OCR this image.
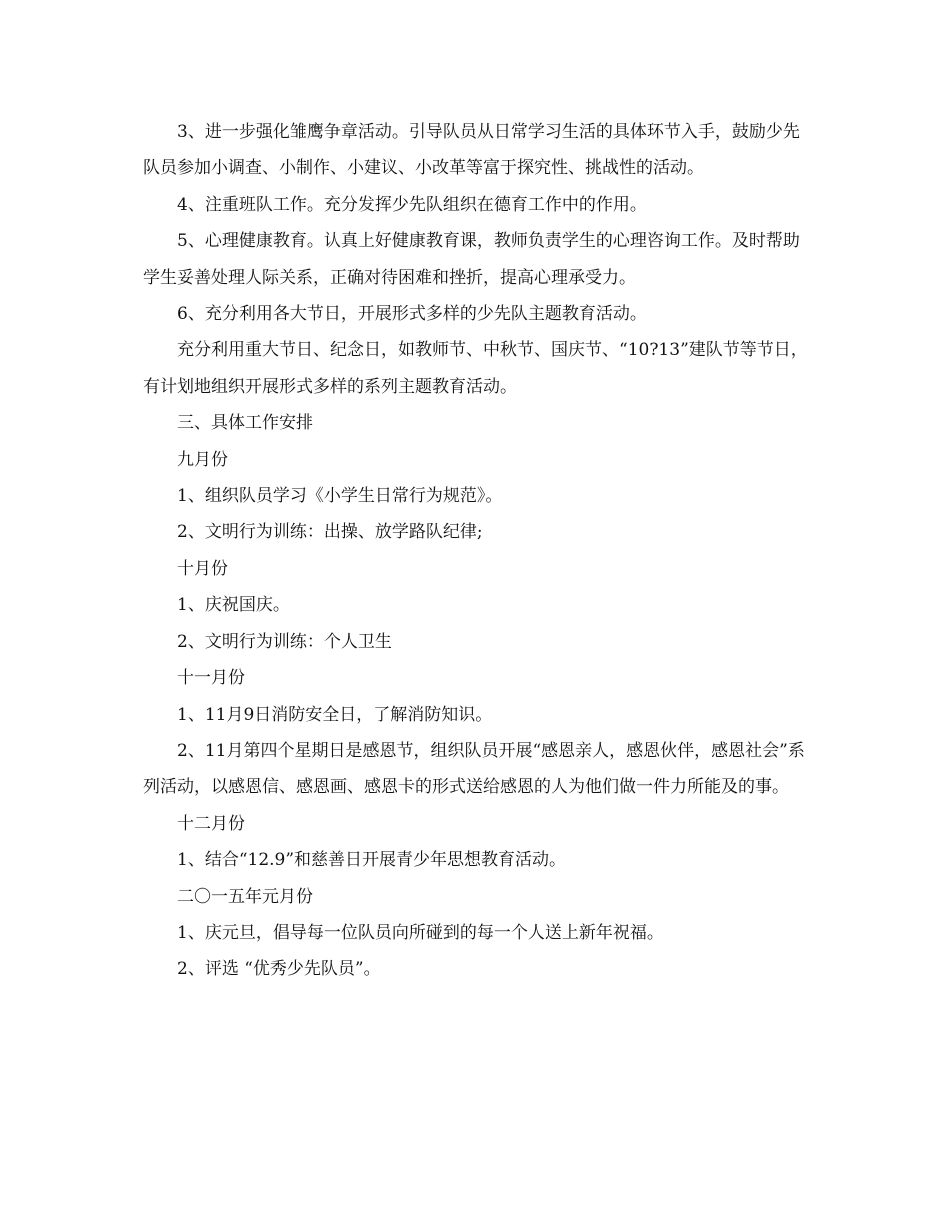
3、进一步强化雏鹰争章活动。引导队员从日常学习生活的具体环节入手，鼓励少先队员参加小调查、小制作、小建议、小改革等富于探究性、挑战性的活动。

4、注重班队工作。充分发挥少先队组织在德育工作中的作用。

5、心理健康教育。认真上好健康教育课，教师负责学生的心理咨询工作。及时帮助学生妥善处理人际关系，正确对待困难和挫折，提高心理承受力。

6、充分利用各大节日，开展形式多样的少先队主题教育活动。

充分利用重大节日、纪念日，如教师节、中秋节、国庆节、“10?13”建队节等节日，有计划地组织开展形式多样的系列主题教育活动。

三、具体工作安排

九月份

1、组织队员学习《小学生日常行为规范》。

2、文明行为训练：出操、放学路队纪律;

十月份

1、庆祝国庆。

2、文明行为训练：个人卫生

十一月份

1、11月9日消防安全日，了解消防知识。

2、11月第四个星期日是感恩节，组织队员开展“感恩亲人，感恩伙伴，感恩社会”系列活动，以感恩信、感恩画、感恩卡的形式送给感恩的人为他们做一件力所能及的事。

十二月份

1、结合“12.9”和慈善日开展青少年思想教育活动。

二〇一五年元月份

1、庆元旦，倡导每一位队员向所碰到的每一个人送上新年祝福。

2、评选 “优秀少先队员”。
